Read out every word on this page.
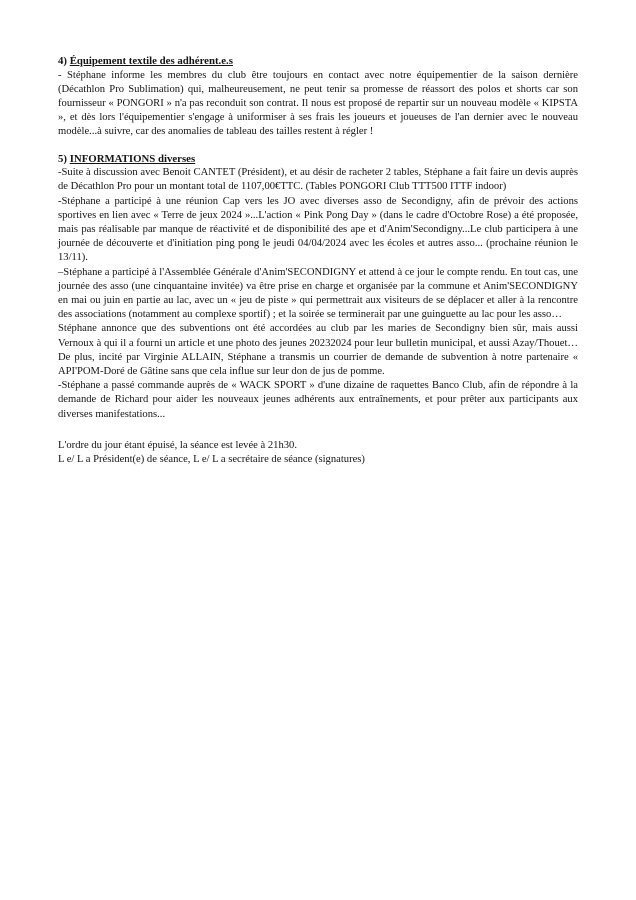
4) Équipement textile des adhérent.e.s

- Stéphane informe les membres du club être toujours en contact avec notre équipementier de la saison dernière (Décathlon Pro Sublimation) qui, malheureusement, ne peut tenir sa promesse de réassort des polos et shorts car son fournisseur « PONGORI » n'a pas reconduit son contrat. Il nous est proposé de repartir sur un nouveau modèle « KIPSTA », et dès lors l'équipementier s'engage à uniformiser à ses frais les joueurs et joueuses de l'an dernier avec le nouveau modèle...à suivre, car des anomalies de tableau des tailles restent à régler !

5) INFORMATIONS diverses

-Suite à discussion avec Benoit CANTET (Président), et au désir de racheter 2 tables, Stéphane a fait faire un devis auprès de Décathlon Pro pour un montant total de 1107,00€TTC. (Tables PONGORI Club TTT500 ITTF indoor)

-Stéphane a participé à une réunion Cap vers les JO avec diverses asso de Secondigny, afin de prévoir des actions sportives en lien avec « Terre de jeux 2024 »...L'action « Pink Pong Day » (dans le cadre d'Octobre Rose) a été proposée, mais pas réalisable par manque de réactivité et de disponibilité des ape et d'Anim'Secondigny...Le club participera à une journée de découverte et d'initiation ping pong le jeudi 04/04/2024 avec les écoles et autres asso... (prochaine réunion le 13/11).

–Stéphane a participé à l'Assemblée Générale d'Anim'SECONDIGNY et attend à ce jour le compte rendu. En tout cas, une journée des asso (une cinquantaine invitée) va être prise en charge et organisée par la commune et Anim'SECONDIGNY en mai ou juin en partie au lac, avec un « jeu de piste » qui permettrait aux visiteurs de se déplacer et aller à la rencontre des associations (notamment au complexe sportif) ; et la soirée se terminerait par une guinguette au lac pour les asso…

Stéphane annonce que des subventions ont été accordées au club par les maries de Secondigny bien sûr, mais aussi Vernoux à qui il a fourni un article et une photo des jeunes 20232024 pour leur bulletin municipal, et aussi Azay/Thouet… De plus, incité par Virginie ALLAIN, Stéphane a transmis un courrier de demande de subvention à notre partenaire « API'POM-Doré de Gâtine sans que cela influe sur leur don de jus de pomme.

-Stéphane a passé commande auprès de « WACK SPORT » d'une dizaine de raquettes Banco Club, afin de répondre à la demande de Richard pour aider les nouveaux jeunes adhérents aux entraînements, et pour prêter aux participants aux diverses manifestations...

L'ordre du jour étant épuisé, la séance est levée à 21h30.

L e/ L a Président(e) de séance, L e/ L a secrétaire de séance (signatures)
